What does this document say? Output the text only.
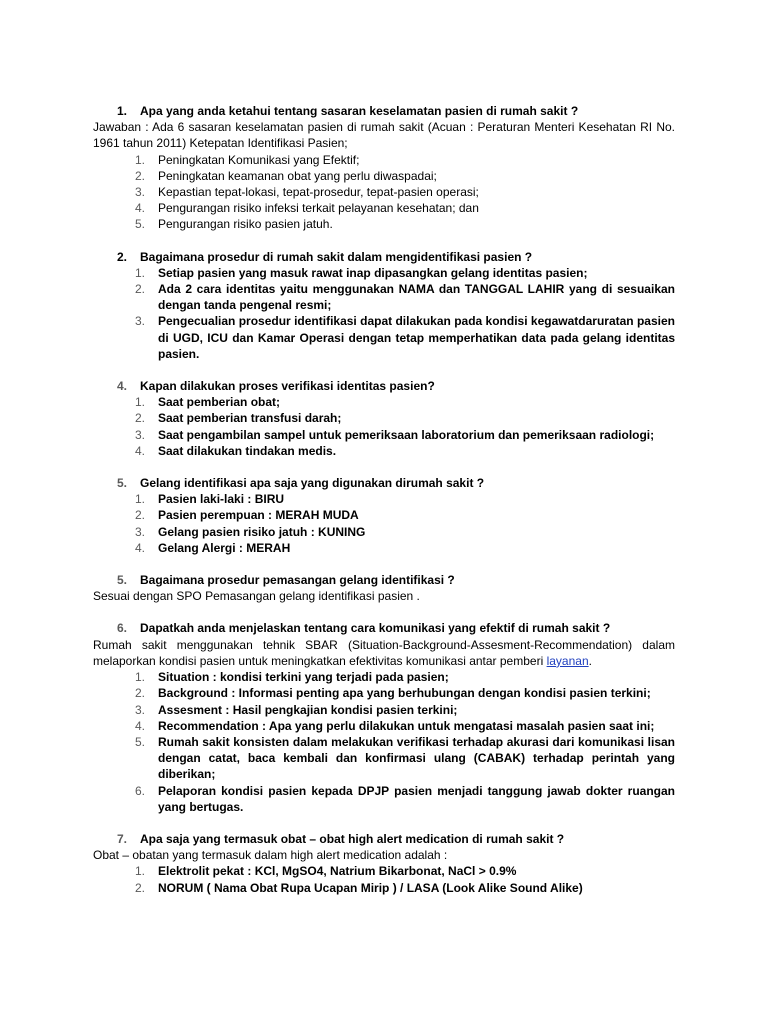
1. Apa yang anda ketahui tentang sasaran keselamatan pasien di rumah sakit ?
Jawaban : Ada 6 sasaran keselamatan pasien di rumah sakit (Acuan : Peraturan Menteri Kesehatan RI No. 1961 tahun 2011) Ketepatan Identifikasi Pasien;
1. Peningkatan Komunikasi yang Efektif;
2. Peningkatan keamanan obat yang perlu diwaspadai;
3. Kepastian tepat-lokasi, tepat-prosedur, tepat-pasien operasi;
4. Pengurangan risiko infeksi terkait pelayanan kesehatan; dan
5. Pengurangan risiko pasien jatuh.
2. Bagaimana prosedur di rumah sakit dalam mengidentifikasi pasien ?
1. Setiap pasien yang masuk rawat inap dipasangkan gelang identitas pasien;
2. Ada 2 cara identitas yaitu menggunakan NAMA dan TANGGAL LAHIR yang di sesuaikan dengan tanda pengenal resmi;
3. Pengecualian prosedur identifikasi dapat dilakukan pada kondisi kegawatdaruratan pasien di UGD, ICU dan Kamar Operasi dengan tetap memperhatikan data pada gelang identitas pasien.
4. Kapan dilakukan proses verifikasi identitas pasien?
1. Saat pemberian obat;
2. Saat pemberian transfusi darah;
3. Saat pengambilan sampel untuk pemeriksaan laboratorium dan pemeriksaan radiologi;
4. Saat dilakukan tindakan medis.
5. Gelang identifikasi apa saja yang digunakan dirumah sakit ?
1. Pasien laki-laki : BIRU
2. Pasien perempuan : MERAH MUDA
3. Gelang pasien risiko jatuh : KUNING
4. Gelang Alergi : MERAH
5. Bagaimana prosedur pemasangan gelang identifikasi ?
Sesuai dengan SPO Pemasangan gelang identifikasi pasien .
6. Dapatkah anda menjelaskan tentang cara komunikasi yang efektif di rumah sakit ?
Rumah sakit menggunakan tehnik SBAR (Situation-Background-Assesment-Recommendation) dalam melaporkan kondisi pasien untuk meningkatkan efektivitas komunikasi antar pemberi layanan.
1. Situation : kondisi terkini yang terjadi pada pasien;
2. Background : Informasi penting apa yang berhubungan dengan kondisi pasien terkini;
3. Assesment : Hasil pengkajian kondisi pasien terkini;
4. Recommendation : Apa yang perlu dilakukan untuk mengatasi masalah pasien saat ini;
5. Rumah sakit konsisten dalam melakukan verifikasi terhadap akurasi dari komunikasi lisan dengan catat, baca kembali dan konfirmasi ulang (CABAK) terhadap perintah yang diberikan;
6. Pelaporan kondisi pasien kepada DPJP pasien menjadi tanggung jawab dokter ruangan yang bertugas.
7. Apa saja yang termasuk obat – obat high alert medication di rumah sakit ?
Obat – obatan yang termasuk dalam high alert medication adalah :
1. Elektrolit pekat : KCl, MgSO4, Natrium Bikarbonat, NaCl > 0.9%
2. NORUM ( Nama Obat Rupa Ucapan Mirip ) / LASA (Look Alike Sound Alike)
